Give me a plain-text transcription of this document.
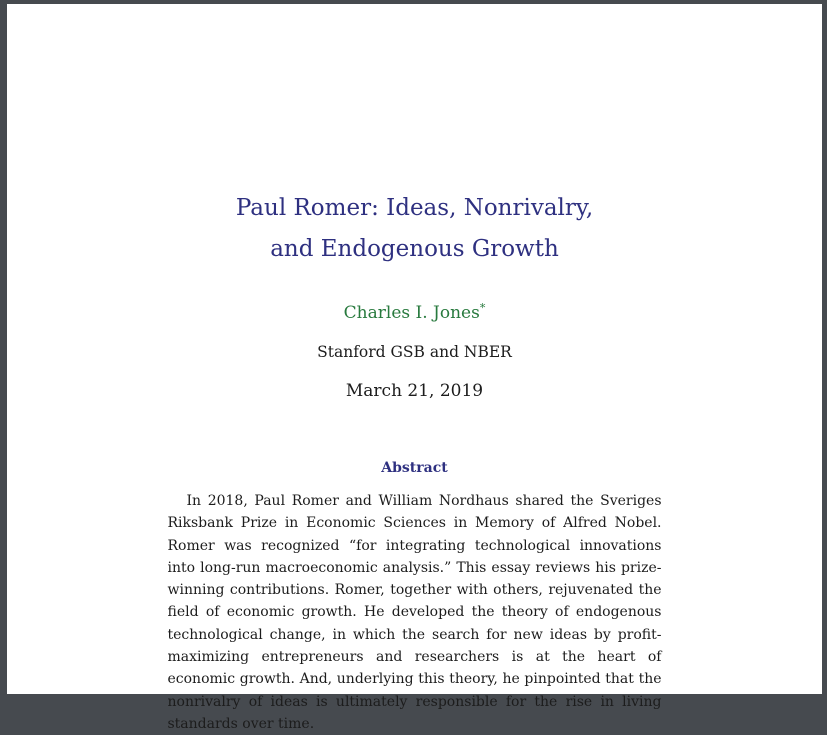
Paul Romer: Ideas, Nonrivalry,
and Endogenous Growth
Charles I. Jones*
Stanford GSB and NBER
March 21, 2019
Abstract

In 2018, Paul Romer and William Nordhaus shared the Sveriges Riksbank Prize in Economic Sciences in Memory of Alfred Nobel. Romer was recognized “for integrating technological innovations into long-run macroeconomic analysis.” This essay reviews his prize-winning contributions. Romer, together with others, rejuvenated the field of economic growth. He developed the theory of endogenous technological change, in which the search for new ideas by profit-maximizing entrepreneurs and researchers is at the heart of economic growth. And, underlying this theory, he pinpointed that the nonrivalry of ideas is ultimately responsible for the rise in living standards over time.
